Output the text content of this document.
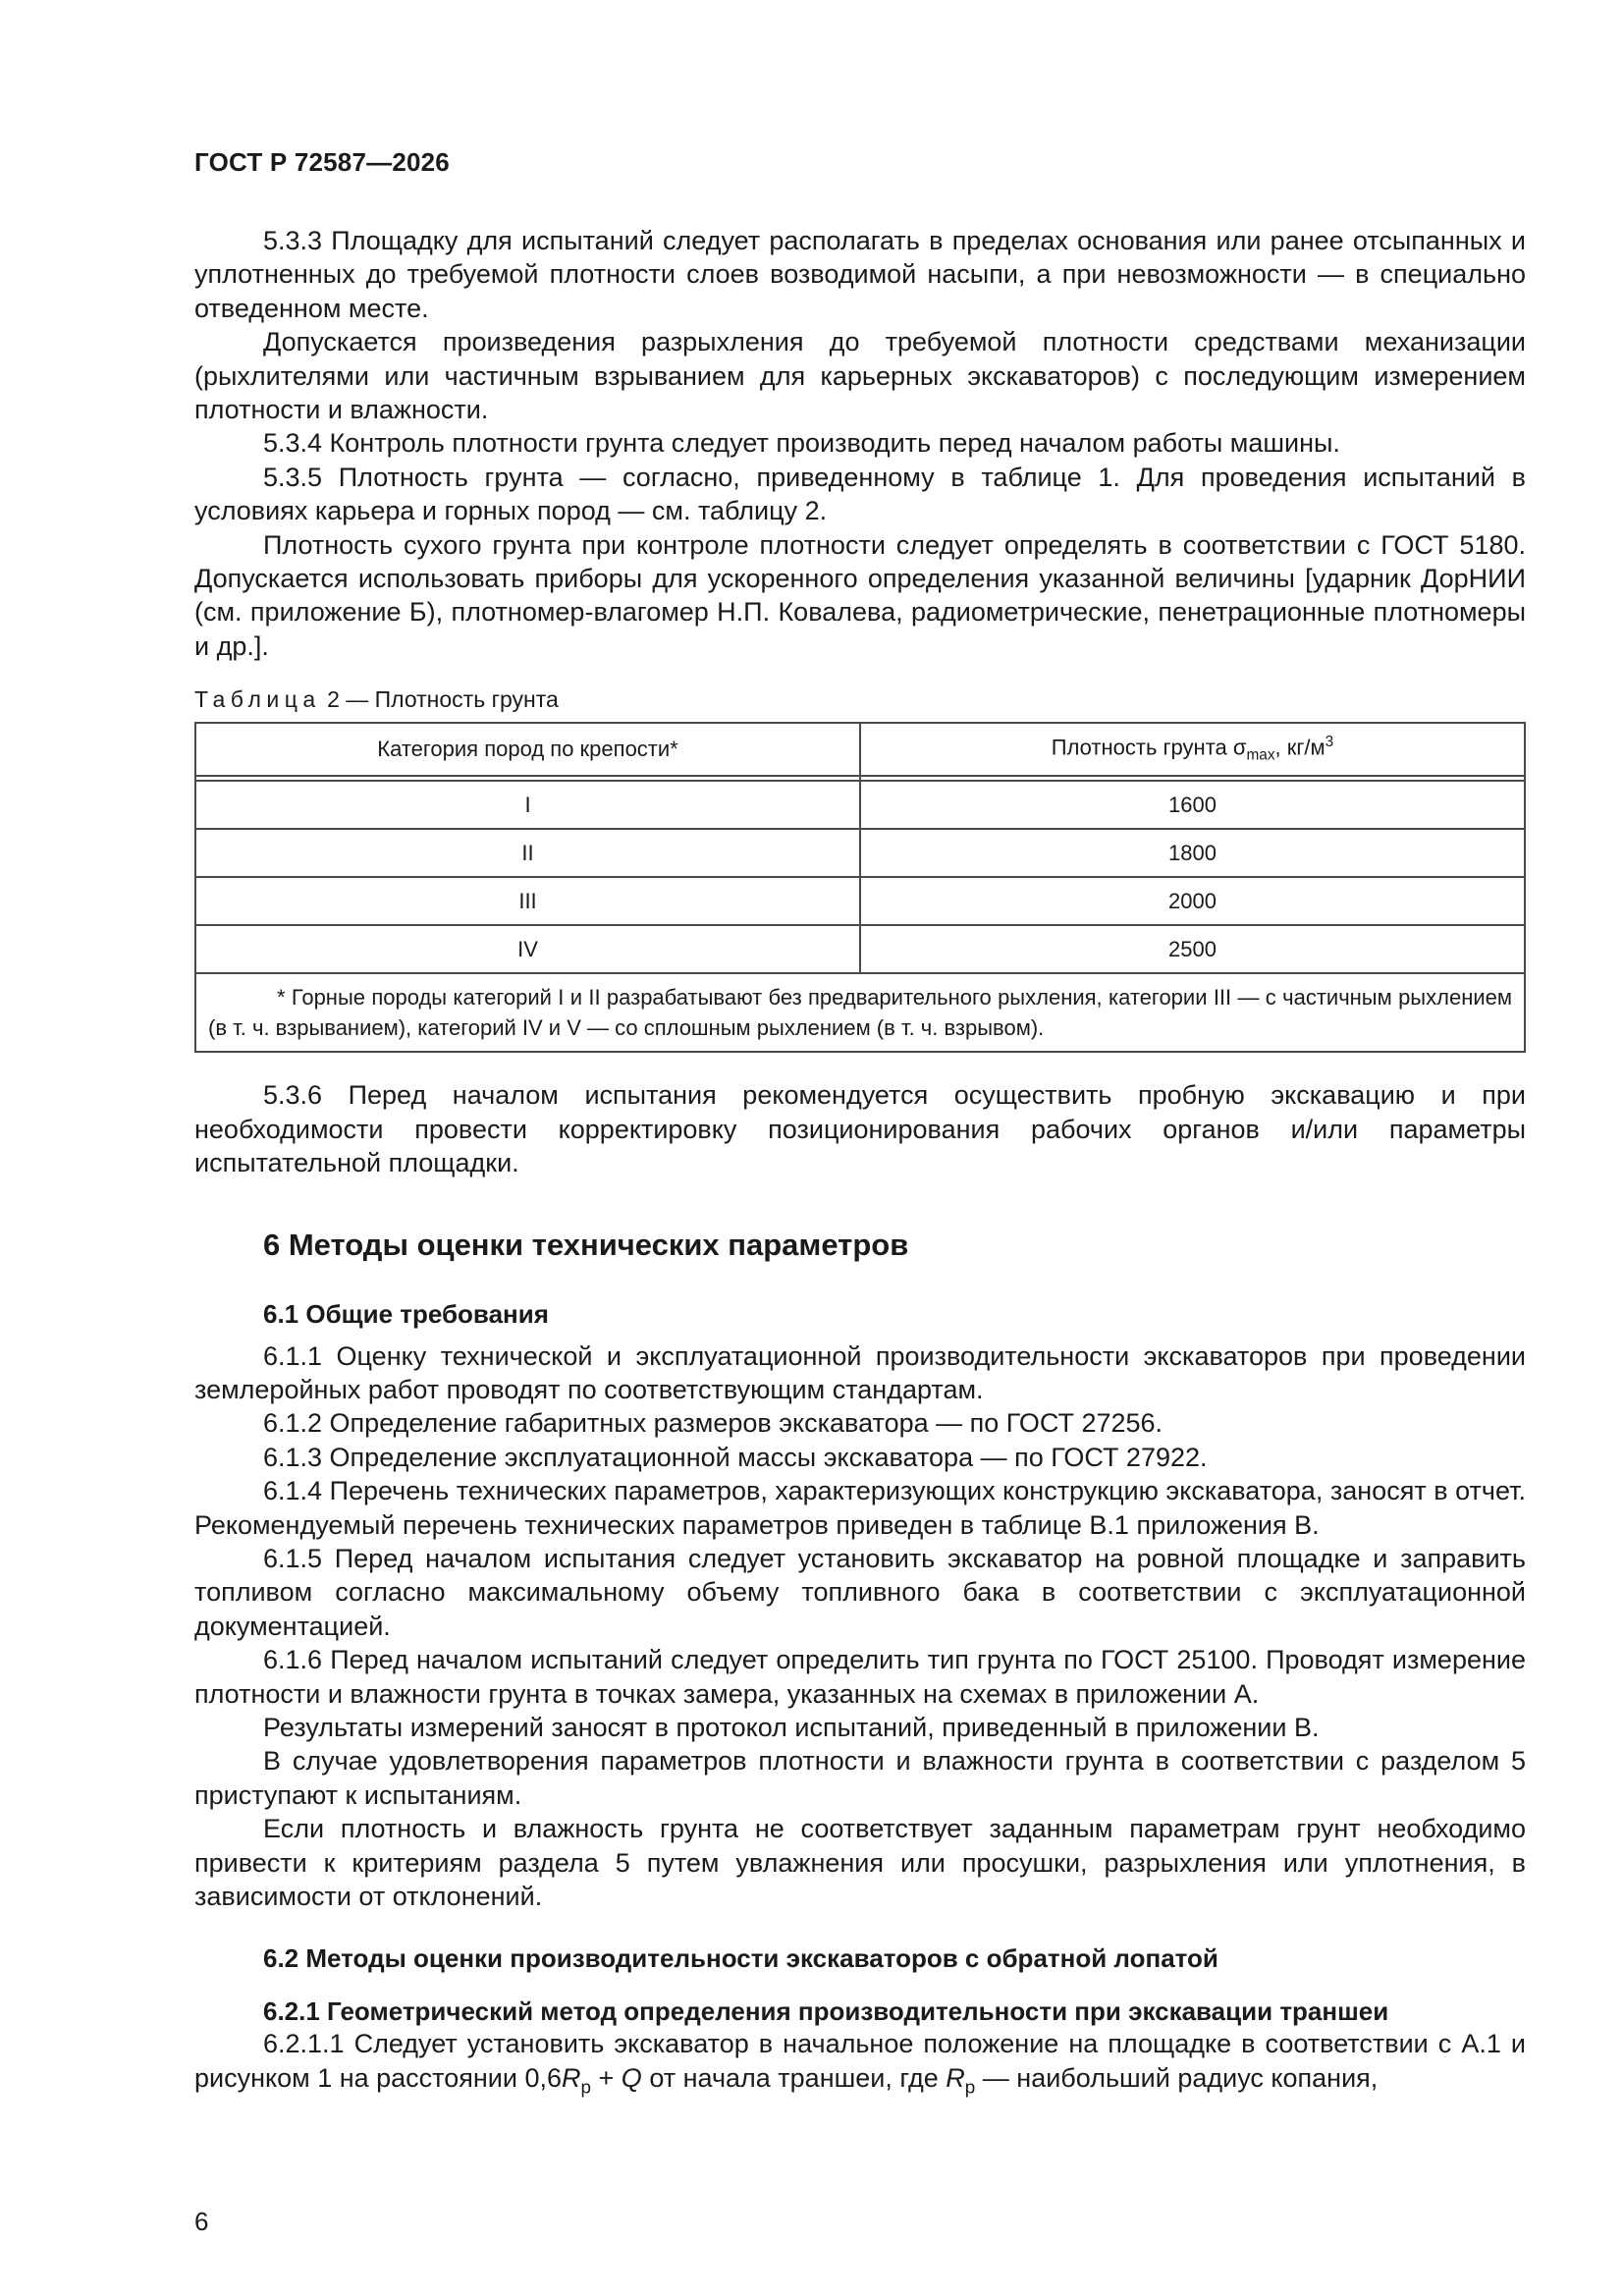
ГОСТ Р 72587—2026

5.3.3 Площадку для испытаний следует располагать в пределах основания или ранее отсыпанных и уплотненных до требуемой плотности слоев возводимой насыпи, а при невозможности — в специально отведенном месте.

Допускается произведения разрыхления до требуемой плотности средствами механизации (рыхлителями или частичным взрыванием для карьерных экскаваторов) с последующим измерением плотности и влажности.

5.3.4 Контроль плотности грунта следует производить перед началом работы машины.

5.3.5 Плотность грунта — согласно, приведенному в таблице 1. Для проведения испытаний в условиях карьера и горных пород — см. таблицу 2.

Плотность сухого грунта при контроле плотности следует определять в соответствии с ГОСТ 5180. Допускается использовать приборы для ускоренного определения указанной величины [ударник ДорНИИ (см. приложение Б), плотномер-влагомер Н.П. Ковалева, радиометрические, пенетрационные плотномеры и др.].

Таблица 2 — Плотность грунта
Категория пород по крепости*	Плотность грунта $\sigma_{max}$, $кг/м^3$

I	1600
II	1800
III	2000
IV	2500
* Горные породы категорий I и II разрабатывают без предварительного рыхления, категории III — с частичным рыхлением (в т. ч. взрыванием), категорий IV и V — со сплошным рыхлением (в т. ч. взрывом).	

5.3.6 Перед началом испытания рекомендуется осуществить пробную экскавацию и при необходимости провести корректировку позиционирования рабочих органов и/или параметры испытательной площадки.

6 Методы оценки технических параметров
6.1 Общие требования

6.1.1 Оценку технической и эксплуатационной производительности экскаваторов при проведении землеройных работ проводят по соответствующим стандартам.

6.1.2 Определение габаритных размеров экскаватора — по ГОСТ 27256.

6.1.3 Определение эксплуатационной массы экскаватора — по ГОСТ 27922.

6.1.4 Перечень технических параметров, характеризующих конструкцию экскаватора, заносят в отчет. Рекомендуемый перечень технических параметров приведен в таблице В.1 приложения В.

6.1.5 Перед началом испытания следует установить экскаватор на ровной площадке и заправить топливом согласно максимальному объему топливного бака в соответствии с эксплуатационной документацией.

6.1.6 Перед началом испытаний следует определить тип грунта по ГОСТ 25100. Проводят измерение плотности и влажности грунта в точках замера, указанных на схемах в приложении А.

Результаты измерений заносят в протокол испытаний, приведенный в приложении В.

В случае удовлетворения параметров плотности и влажности грунта в соответствии с разделом 5 приступают к испытаниям.

Если плотность и влажность грунта не соответствует заданным параметрам грунт необходимо привести к критериям раздела 5 путем увлажнения или просушки, разрыхления или уплотнения, в зависимости от отклонений.

6.2 Методы оценки производительности экскаваторов с обратной лопатой
6.2.1 Геометрический метод определения производительности при экскавации траншеи

6.2.1.1 Следует установить экскаватор в начальное положение на площадке в соответствии с А.1 и рисунком 1 на расстоянии $0,6R_p + Q$ от начала траншеи, где $R_p$ — наибольший радиус копания,

6
